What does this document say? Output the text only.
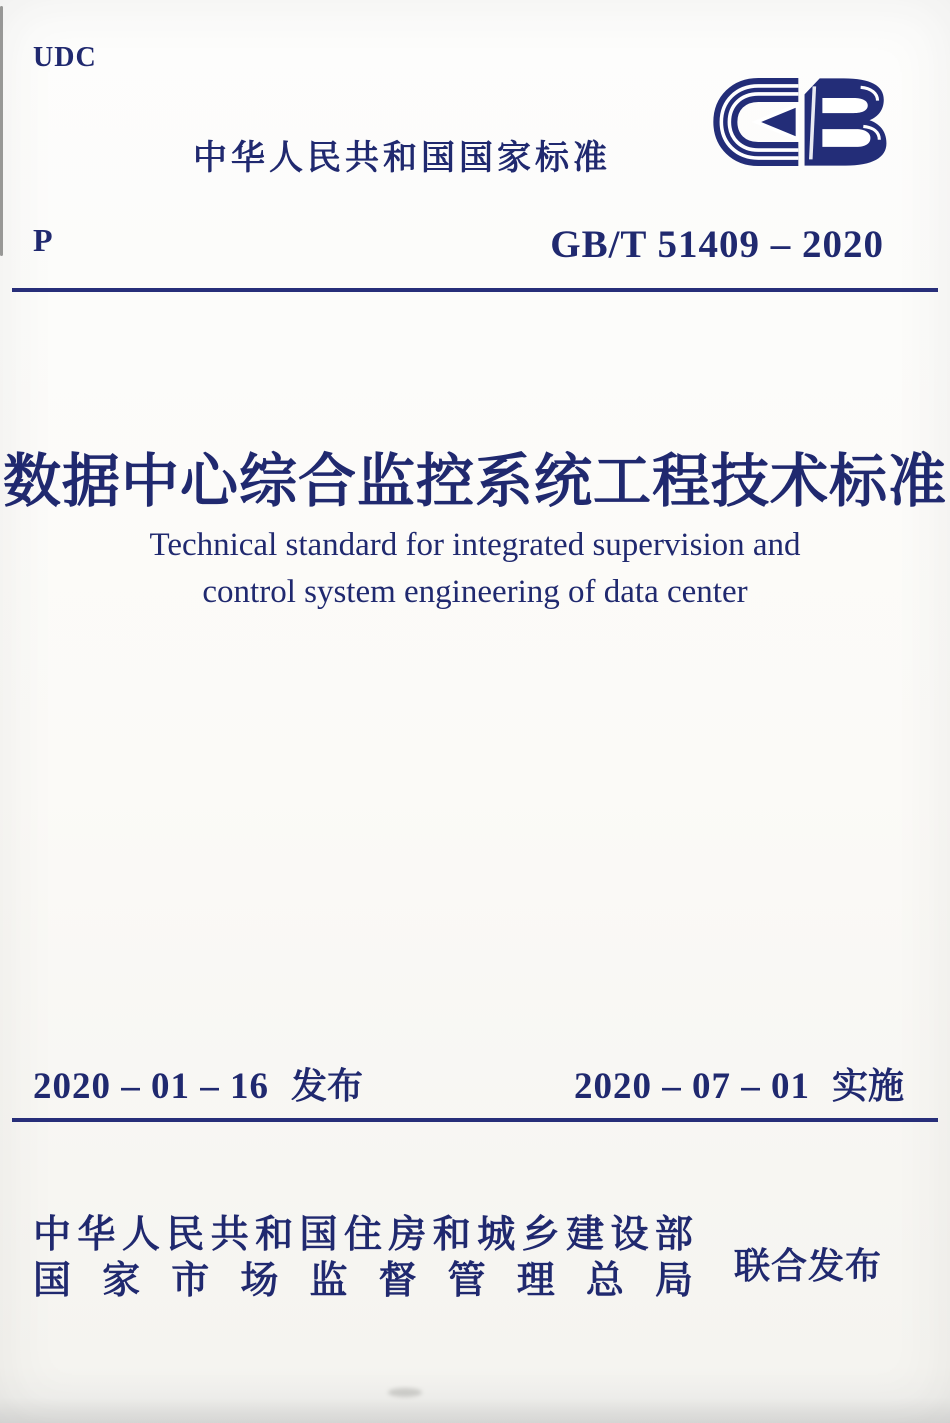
UDC
中华人民共和国国家标准
P	GB/T 51409 – 2020
数据中心综合监控系统工程技术标准
Technical standard for integrated supervision and
control system engineering of data center
2020 – 01 – 16 发布	2020 – 07 – 01 实施
中 华 人 民 共 和 国 住 房 和 城 乡 建 设 部
国 家 市 场 监 督 管 理 总 局 联合发布
